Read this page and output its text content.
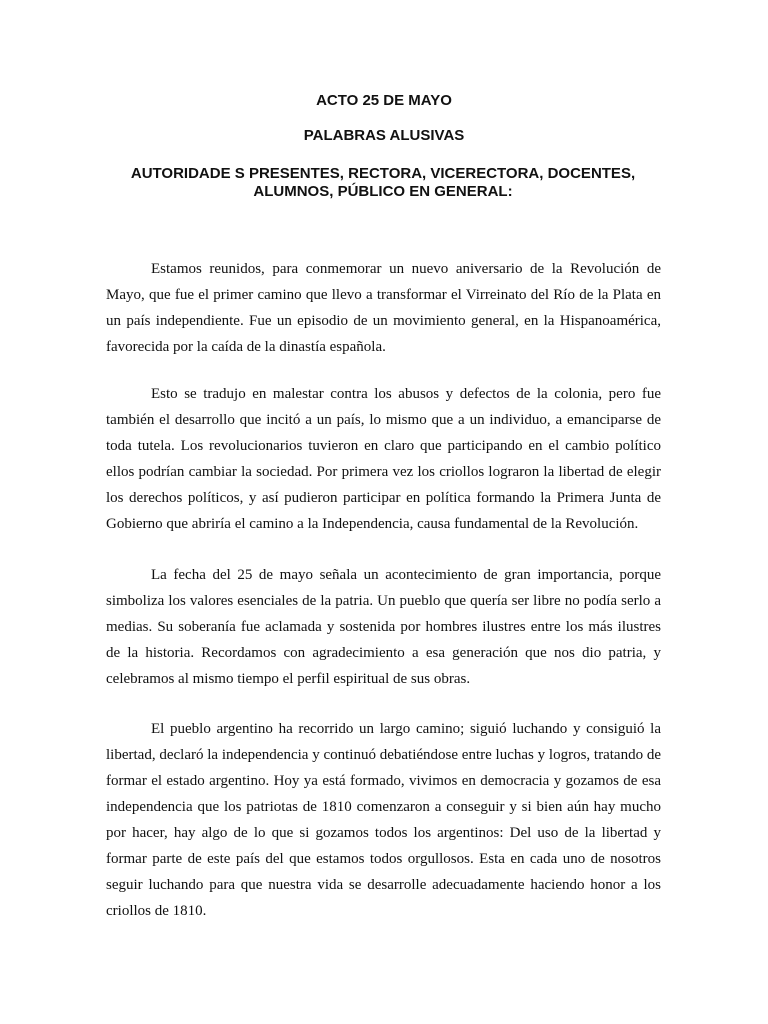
ACTO 25 DE MAYO
PALABRAS ALUSIVAS
AUTORIDADE S PRESENTES, RECTORA, VICERECTORA, DOCENTES, ALUMNOS, PÚBLICO EN GENERAL:

Estamos reunidos, para conmemorar un nuevo aniversario de la Revolución de Mayo, que fue el primer camino que llevo a transformar el Virreinato del Río de la Plata en un país independiente. Fue un episodio de un movimiento general, en la Hispanoamérica, favorecida por la caída de la dinastía española.

Esto se tradujo en malestar contra los abusos y defectos de la colonia, pero fue también el desarrollo que incitó a un país, lo mismo que a un individuo, a emanciparse de toda tutela. Los revolucionarios tuvieron en claro que participando en el cambio político ellos podrían cambiar la sociedad. Por primera vez los criollos lograron la libertad de elegir los derechos políticos, y así pudieron participar en política formando la Primera Junta de Gobierno que abriría el camino a la Independencia, causa fundamental de la Revolución.

La fecha del 25 de mayo señala un acontecimiento de gran importancia, porque simboliza los valores esenciales de la patria. Un pueblo que quería ser libre no podía serlo a medias. Su soberanía fue aclamada y sostenida por hombres ilustres entre los más ilustres de la historia. Recordamos con agradecimiento a esa generación que nos dio patria, y celebramos al mismo tiempo el perfil espiritual de sus obras.

El pueblo argentino ha recorrido un largo camino; siguió luchando y consiguió la libertad, declaró la independencia y continuó debatiéndose entre luchas y logros, tratando de formar el estado argentino. Hoy ya está formado, vivimos en democracia y gozamos de esa independencia que los patriotas de 1810 comenzaron a conseguir y si bien aún hay mucho por hacer, hay algo de lo que si gozamos todos los argentinos: Del uso de la libertad y formar parte de este país del que estamos todos orgullosos. Esta en cada uno de nosotros seguir luchando para que nuestra vida se desarrolle adecuadamente haciendo honor a los criollos de 1810.
